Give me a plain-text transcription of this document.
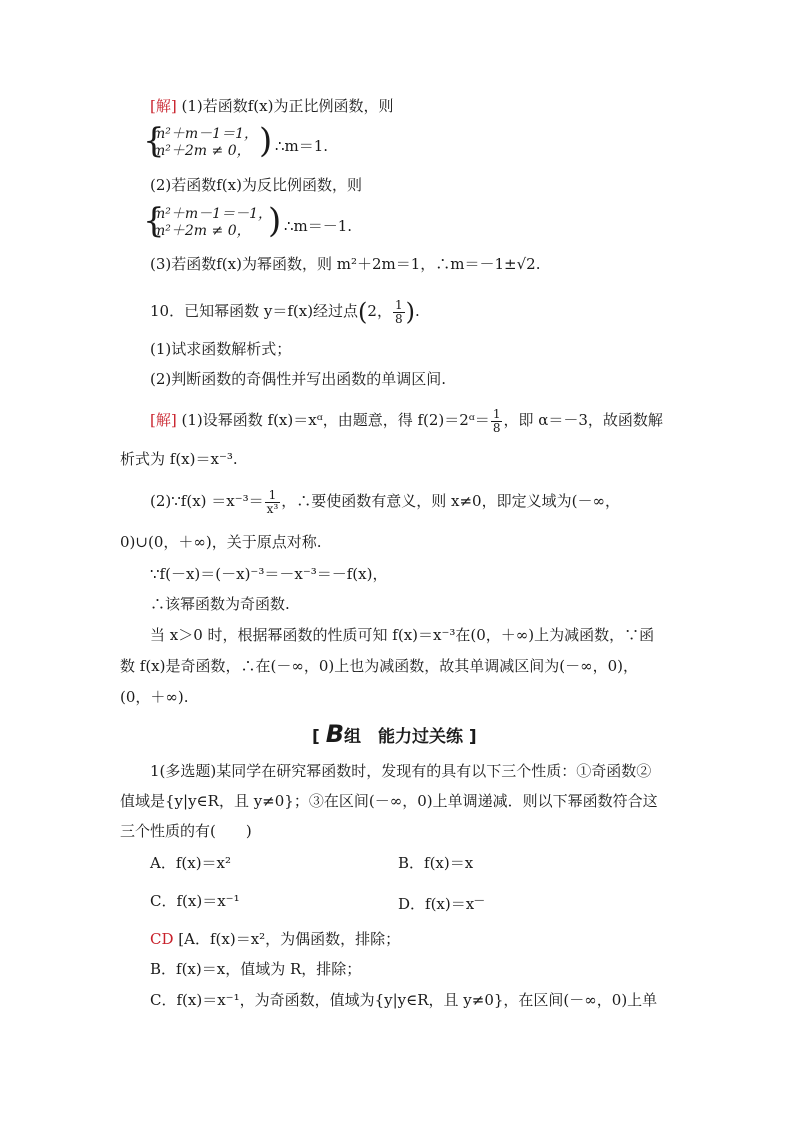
[解] (1)若函数f(x)为正比例函数，则
{
m²＋m－1＝1，
m²＋2m ≠ 0， ) ∴m＝1.
(2)若函数f(x)为反比例函数，则
{
m²＋m－1＝－1，
m²＋2m ≠ 0， ) ∴m＝－1.
(3)若函数f(x)为幂函数，则 m²＋2m＝1，∴m＝－1±√2.
10．已知幂函数 y＝f(x)经过点(2， $\frac{1}{8}$ ).
(1)试求函数解析式；
(2)判断函数的奇偶性并写出函数的单调区间.
[解] (1)设幂函数 f(x)＝xᵅ，由题意，得 f(2)＝2ᵅ＝ $\frac{1}{8}$ ，即 α＝－3，故函数解
析式为 f(x)＝x⁻³.
(2)∵f(x) $=x^{-3}= \frac{1}{\text{x³}}$ ，∴要使函数有意义，则 x≠0，即定义域为(－∞，
0)∪(0，＋∞)，关于原点对称.
∵f(－x)＝(－x)⁻³＝－x⁻³＝－f(x)，
∴该幂函数为奇函数.
当 x＞0 时，根据幂函数的性质可知 f(x)＝x⁻³在(0，＋∞)上为减函数，∵函
数 f(x)是奇函数，∴在(－∞，0)上也为减函数，故其单调减区间为(－∞，0)，
(0，＋∞).
[ B组　能力过关练 ]
1(多选题)某同学在研究幂函数时，发现有的具有以下三个性质：①奇函数②
值域是{y|y∈R，且 y≠0}；③在区间(－∞，0)上单调递减．则以下幂函数符合这
三个性质的有(　　)
A．f(x)＝x²	B．f(x)＝x
C．f(x)＝x⁻¹	D．f(x)＝x—
CD [A．f(x)＝x²，为偶函数，排除；
B．f(x)＝x，值域为 R，排除；
C．f(x)＝x⁻¹，为奇函数，值域为{y|y∈R，且 y≠0}，在区间(－∞，0)上单
